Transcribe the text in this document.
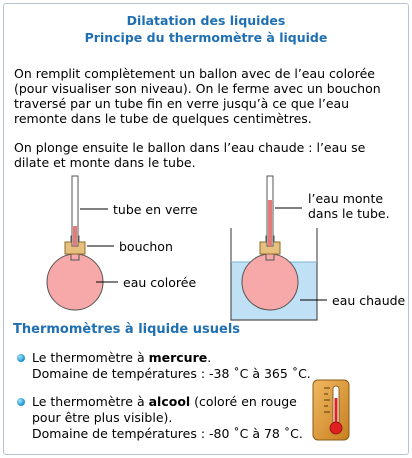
Dilatation des liquides
Principe du thermomètre à liquide
On remplit complètement un ballon avec de l’eau colorée (pour visualiser son niveau). On le ferme avec un bouchon traversé par un tube fin en verre jusqu’à ce que l’eau remonte dans le tube de quelques centimètres.
On plonge ensuite le ballon dans l’eau chaude : l’eau se dilate et monte dans le tube.
tube en verre
bouchon
eau colorée
l’eau monte
dans le tube.
eau chaude
Thermomètres à liquide usuels
Le thermomètre à mercure.
Domaine de températures : -38 ˚C à 365 ˚C.
Le thermomètre à alcool (coloré en rouge
pour être plus visible).
Domaine de températures : -80 ˚C à 78 ˚C.
